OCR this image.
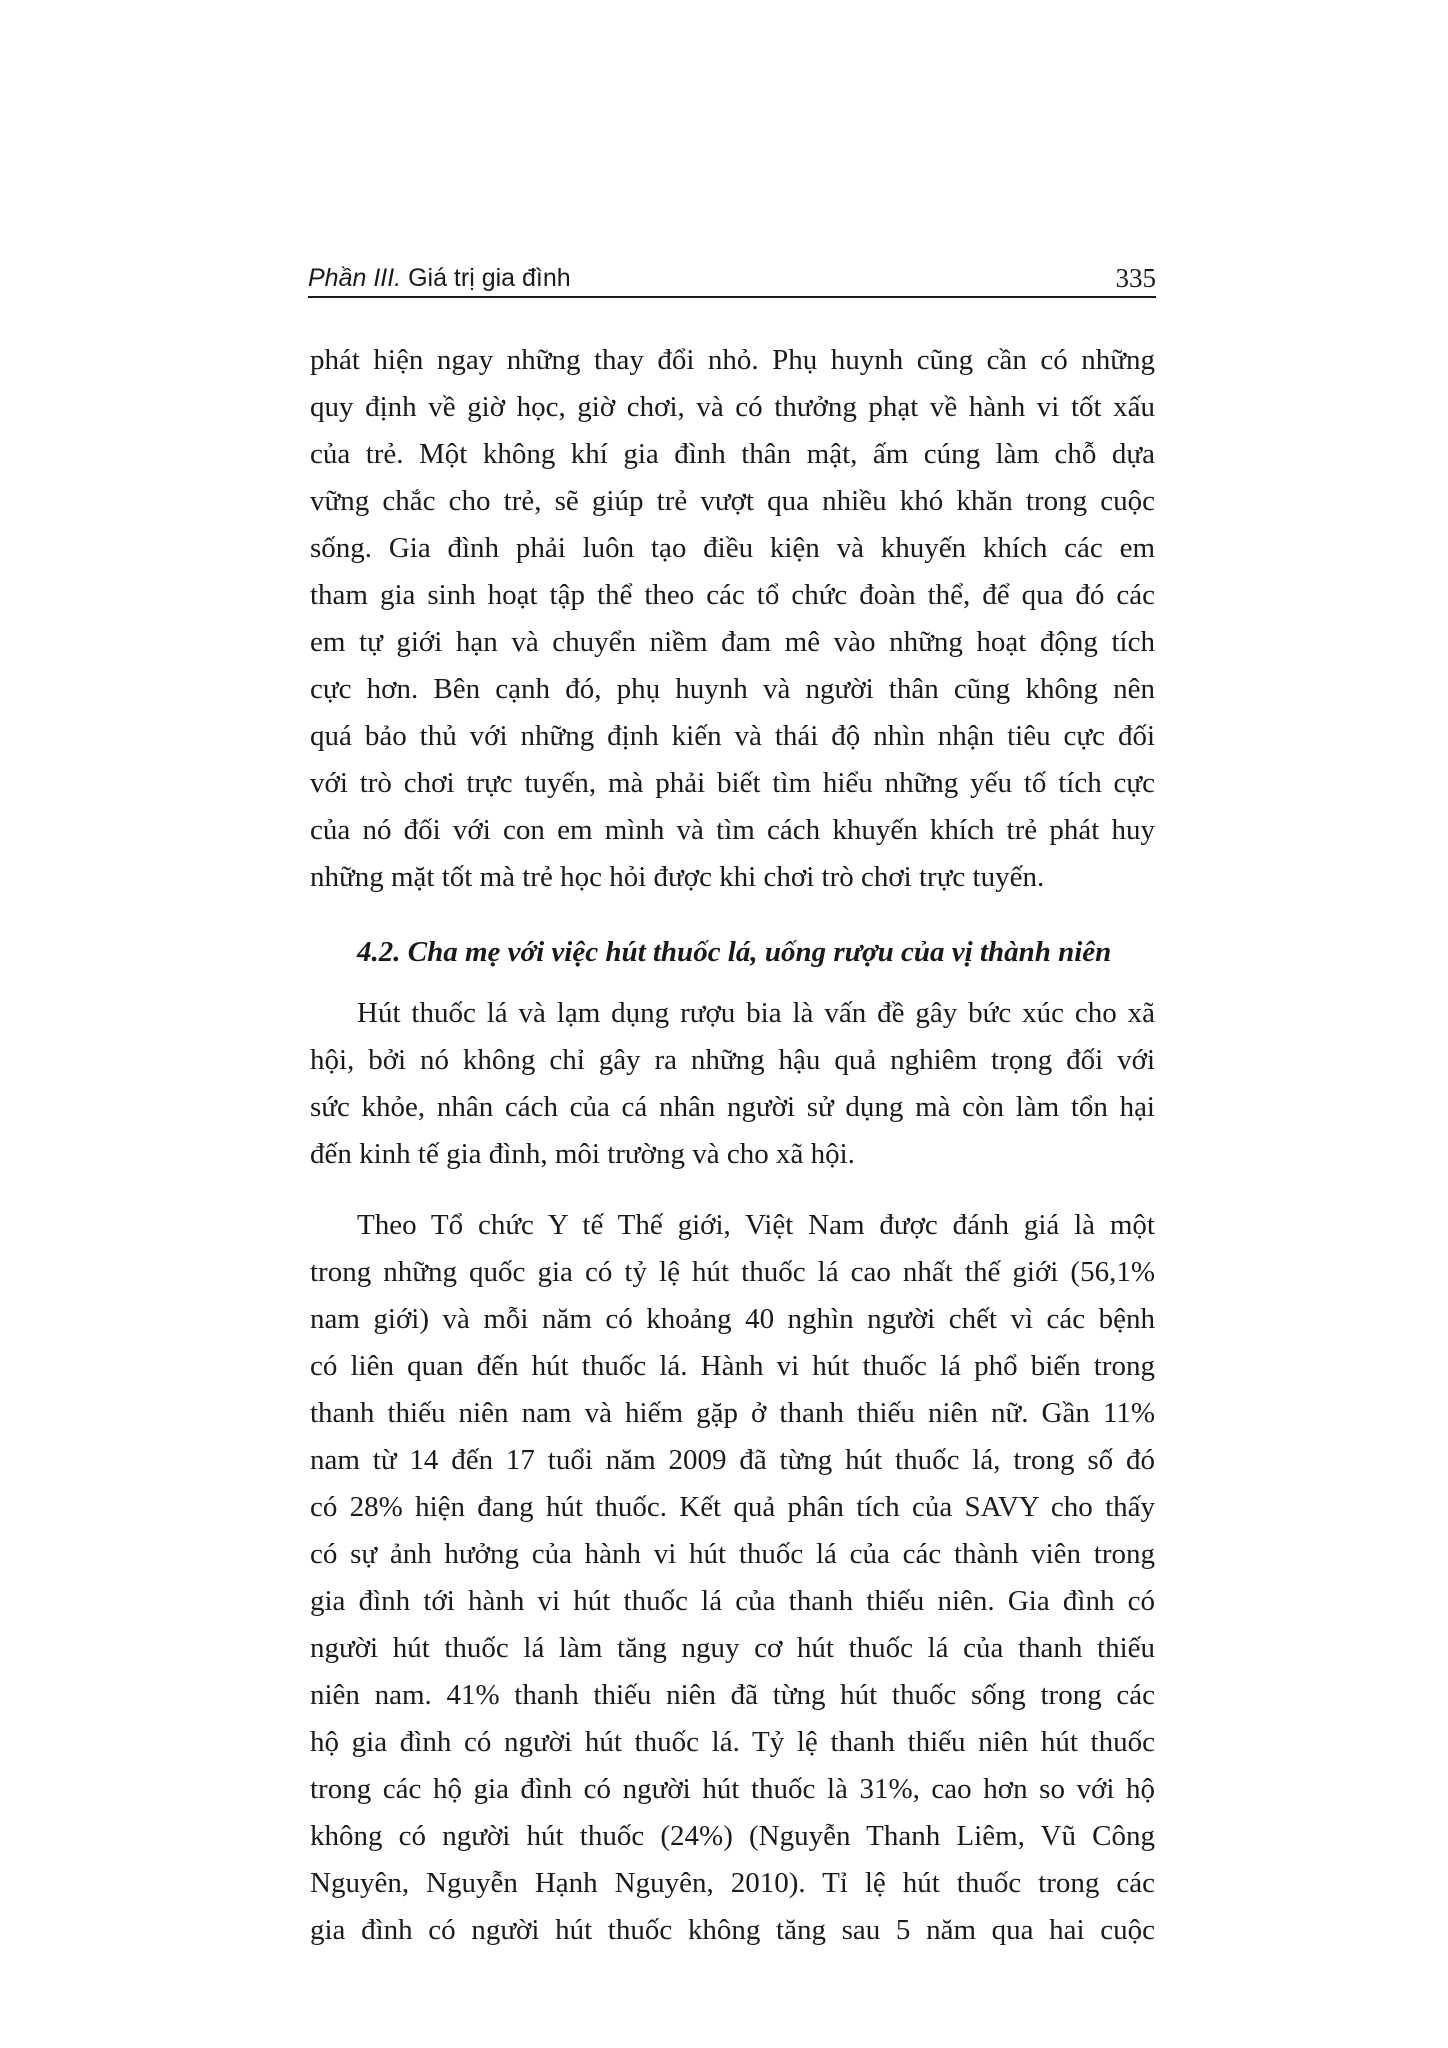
Phần III. Giá trị gia đình	335
phát hiện ngay những thay đổi nhỏ. Phụ huynh cũng cần có những
quy định về giờ học, giờ chơi, và có thưởng phạt về hành vi tốt xấu
của trẻ. Một không khí gia đình thân mật, ấm cúng làm chỗ dựa
vững chắc cho trẻ, sẽ giúp trẻ vượt qua nhiều khó khăn trong cuộc
sống. Gia đình phải luôn tạo điều kiện và khuyến khích các em
tham gia sinh hoạt tập thể theo các tổ chức đoàn thể, để qua đó các
em tự giới hạn và chuyển niềm đam mê vào những hoạt động tích
cực hơn. Bên cạnh đó, phụ huynh và người thân cũng không nên
quá bảo thủ với những định kiến và thái độ nhìn nhận tiêu cực đối
với trò chơi trực tuyến, mà phải biết tìm hiểu những yếu tố tích cực
của nó đối với con em mình và tìm cách khuyến khích trẻ phát huy
những mặt tốt mà trẻ học hỏi được khi chơi trò chơi trực tuyến.
4.2. Cha mẹ với việc hút thuốc lá, uống rượu của vị thành niên
Hút thuốc lá và lạm dụng rượu bia là vấn đề gây bức xúc cho xã
hội, bởi nó không chỉ gây ra những hậu quả nghiêm trọng đối với
sức khỏe, nhân cách của cá nhân người sử dụng mà còn làm tổn hại
đến kinh tế gia đình, môi trường và cho xã hội.
Theo Tổ chức Y tế Thế giới, Việt Nam được đánh giá là một
trong những quốc gia có tỷ lệ hút thuốc lá cao nhất thế giới (56,1%
nam giới) và mỗi năm có khoảng 40 nghìn người chết vì các bệnh
có liên quan đến hút thuốc lá. Hành vi hút thuốc lá phổ biến trong
thanh thiếu niên nam và hiếm gặp ở thanh thiếu niên nữ. Gần 11%
nam từ 14 đến 17 tuổi năm 2009 đã từng hút thuốc lá, trong số đó
có 28% hiện đang hút thuốc. Kết quả phân tích của SAVY cho thấy
có sự ảnh hưởng của hành vi hút thuốc lá của các thành viên trong
gia đình tới hành vi hút thuốc lá của thanh thiếu niên. Gia đình có
người hút thuốc lá làm tăng nguy cơ hút thuốc lá của thanh thiếu
niên nam. 41% thanh thiếu niên đã từng hút thuốc sống trong các
hộ gia đình có người hút thuốc lá. Tỷ lệ thanh thiếu niên hút thuốc
trong các hộ gia đình có người hút thuốc là 31%, cao hơn so với hộ
không có người hút thuốc (24%) (Nguyễn Thanh Liêm, Vũ Công
Nguyên, Nguyễn Hạnh Nguyên, 2010). Tỉ lệ hút thuốc trong các
gia đình có người hút thuốc không tăng sau 5 năm qua hai cuộc
